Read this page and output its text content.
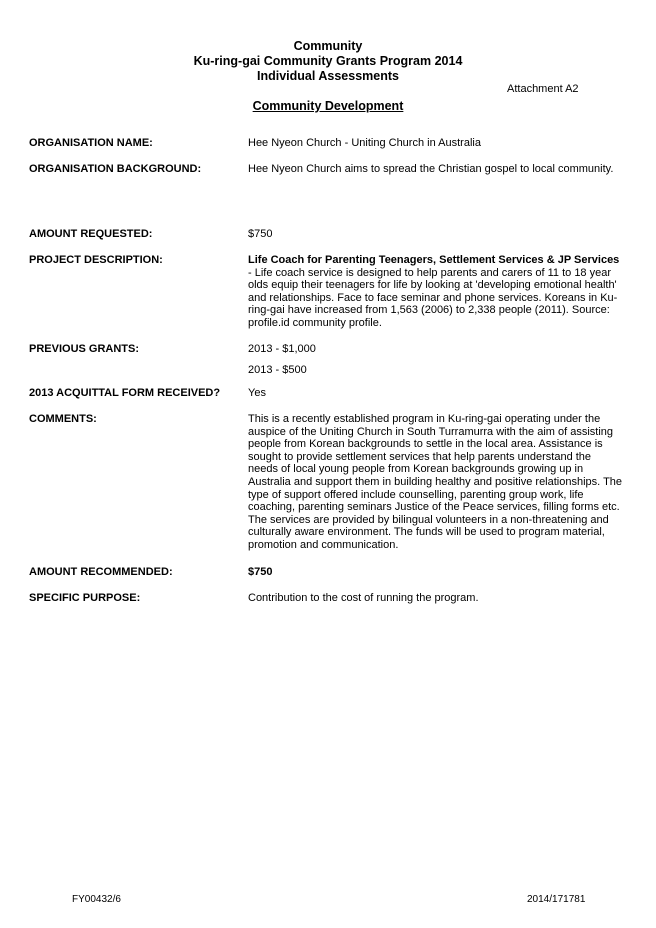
Community
Ku-ring-gai Community Grants Program 2014
Individual Assessments
Attachment A2
Community Development
ORGANISATION NAME:	Hee Nyeon Church - Uniting Church in Australia
ORGANISATION BACKGROUND:	Hee Nyeon Church aims to spread the Christian gospel to local community.
AMOUNT REQUESTED:	$750
PROJECT DESCRIPTION:	Life Coach for Parenting Teenagers, Settlement Services & JP Services - Life coach service is designed to help parents and carers of 11 to 18 year olds equip their teenagers for life by looking at 'developing emotional health' and relationships. Face to face seminar and phone services. Koreans in Ku-ring-gai have increased from 1,563 (2006) to 2,338 people (2011). Source: profile.id community profile.
PREVIOUS GRANTS:	2013 - $1,000

2013 - $500

2013 ACQUITTAL FORM RECEIVED?	Yes
COMMENTS:	This is a recently established program in Ku-ring-gai operating under the auspice of the Uniting Church in South Turramurra with the aim of assisting people from Korean backgrounds to settle in the local area. Assistance is sought to provide settlement services that help parents understand the needs of local young people from Korean backgrounds growing up in Australia and support them in building healthy and positive relationships. The type of support offered include counselling, parenting group work, life coaching, parenting seminars Justice of the Peace services, filling forms etc. The services are provided by bilingual volunteers in a non-threatening and culturally aware environment. The funds will be used to program material, promotion and communication.
AMOUNT RECOMMENDED:	$750
SPECIFIC PURPOSE:	Contribution to the cost of running the program.
FY00432/6	2014/171781
